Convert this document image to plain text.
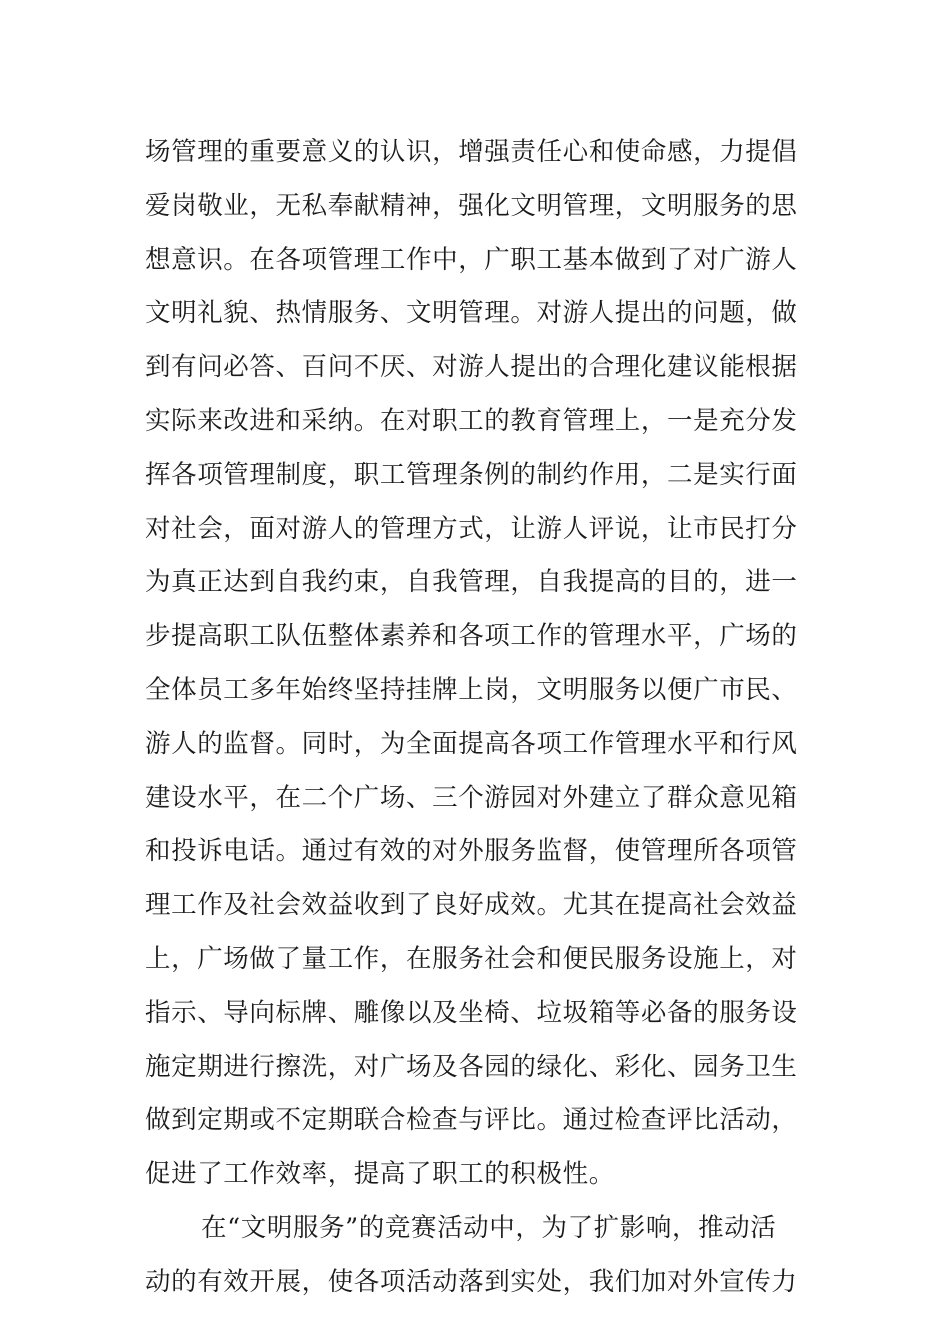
场管理的重要意义的认识，增强责任心和使命感，力提倡
爱岗敬业，无私奉献精神，强化文明管理，文明服务的思
想意识。在各项管理工作中，广职工基本做到了对广游人
文明礼貌、热情服务、文明管理。对游人提出的问题，做
到有问必答、百问不厌、对游人提出的合理化建议能根据
实际来改进和采纳。在对职工的教育管理上，一是充分发
挥各项管理制度，职工管理条例的制约作用，二是实行面
对社会，面对游人的管理方式，让游人评说，让市民打分
为真正达到自我约束，自我管理，自我提高的目的，进一
步提高职工队伍整体素养和各项工作的管理水平，广场的
全体员工多年始终坚持挂牌上岗，文明服务以便广市民、
游人的监督。同时，为全面提高各项工作管理水平和行风
建设水平，在二个广场、三个游园对外建立了群众意见箱
和投诉电话。通过有效的对外服务监督，使管理所各项管
理工作及社会效益收到了良好成效。尤其在提高社会效益
上，广场做了量工作，在服务社会和便民服务设施上，对
指示、导向标牌、雕像以及坐椅、垃圾箱等必备的服务设
施定期进行擦洗，对广场及各园的绿化、彩化、园务卫生
做到定期或不定期联合检查与评比。通过检查评比活动，
促进了工作效率，提高了职工的积极性。
在“文明服务”的竞赛活动中，为了扩影响，推动活
动的有效开展，使各项活动落到实处，我们加对外宣传力
